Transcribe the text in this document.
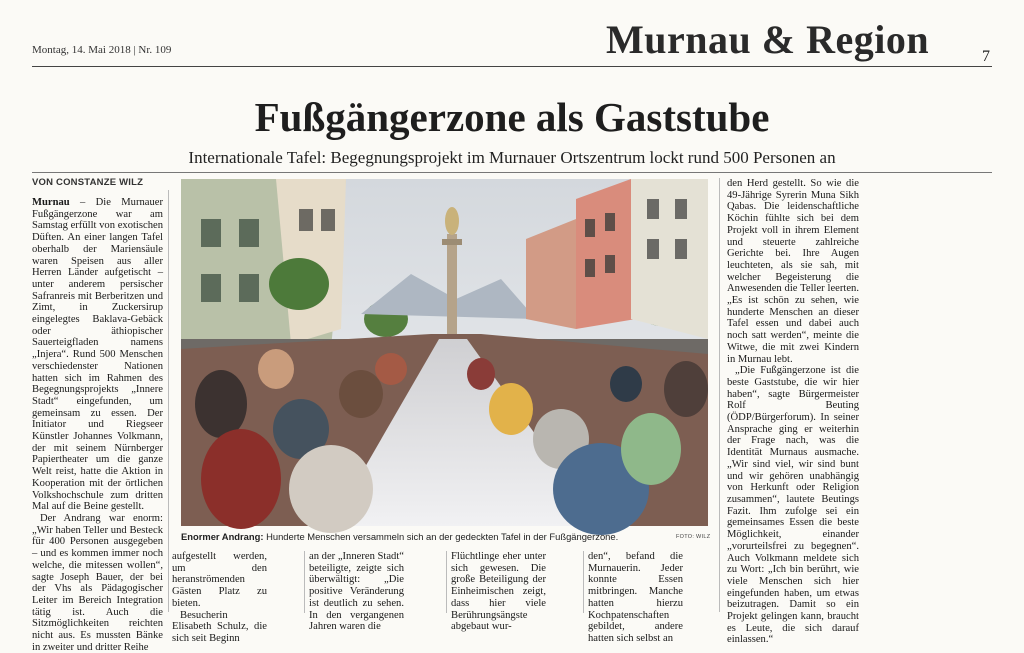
Montag, 14. Mai 2018 | Nr. 109	Murnau & Region	7
Fußgängerzone als Gaststube
Internationale Tafel: Begegnungsprojekt im Murnauer Ortszentrum lockt rund 500 Personen an
VON CONSTANZE WILZ

Murnau – Die Murnauer Fußgängerzone war am Samstag erfüllt von exotischen Düften. An einer langen Tafel oberhalb der Mariensäule waren Speisen aus aller Herren Länder aufgetischt – unter anderem persischer Safranreis mit Berberitzen und Zimt, in Zuckersirup eingelegtes Baklava-Gebäck oder äthiopischer Sauerteigfladen namens „Injera“. Rund 500 Menschen verschiedenster Nationen hatten sich im Rahmen des Begegnungsprojekts „Innere Stadt“ eingefunden, um gemeinsam zu essen. Der Initiator und Riegseer Künstler Johannes Volkmann, der mit seinem Nürnberger Papiertheater um die ganze Welt reist, hatte die Aktion in Kooperation mit der örtlichen Volkshochschule zum dritten Mal auf die Beine gestellt.

Der Andrang war enorm: „Wir haben Teller und Besteck für 400 Personen ausgegeben – und es kommen immer noch welche, die mitessen wollen“, sagte Joseph Bauer, der bei der Vhs als Pädagogischer Leiter im Bereich Integration tätig ist. Auch die Sitzmöglichkeiten reichten nicht aus. Es mussten Bänke in zweiter und dritter Reihe

Enormer Andrang: Hunderte Menschen versammeln sich an der gedeckten Tafel in der Fußgängerzone.	FOTO: WILZ

aufgestellt werden, um den heranströmenden Gästen Platz zu bieten.

Besucherin Elisabeth Schulz, die sich seit Beginn

an der „Inneren Stadt“ beteiligte, zeigte sich überwältigt: „Die positive Veränderung ist deutlich zu sehen. In den vergangenen Jahren waren die

Flüchtlinge eher unter sich gewesen. Die große Beteiligung der Einheimischen zeigt, dass hier viele Berührungsängste abgebaut wur-

den“, befand die Murnauerin. Jeder konnte Essen mitbringen. Manche hatten hierzu Kochpatenschaften gebildet, andere hatten sich selbst an

den Herd gestellt. So wie die 49-Jährige Syrerin Muna Sikh Qabas. Die leidenschaftliche Köchin fühlte sich bei dem Projekt voll in ihrem Element und steuerte zahlreiche Gerichte bei. Ihre Augen leuchteten, als sie sah, mit welcher Begeisterung die Anwesenden die Teller leerten. „Es ist schön zu sehen, wie hunderte Menschen an dieser Tafel essen und dabei auch noch satt werden“, meinte die Witwe, die mit zwei Kindern in Murnau lebt.

„Die Fußgängerzone ist die beste Gaststube, die wir hier haben“, sagte Bürgermeister Rolf Beuting (ÖDP/Bürgerforum). In seiner Ansprache ging er weiterhin der Frage nach, was die Identität Murnaus ausmache. „Wir sind viel, wir sind bunt und wir gehören unabhängig von Herkunft oder Religion zusammen“, lautete Beutings Fazit. Ihm zufolge sei ein gemeinsames Essen die beste Möglichkeit, einander „vorurteilsfrei zu begegnen“. Auch Volkmann meldete sich zu Wort: „Ich bin berührt, wie viele Menschen sich hier eingefunden haben, um etwas beizutragen. Damit so ein Projekt gelingen kann, braucht es Leute, die sich darauf einlassen.“
